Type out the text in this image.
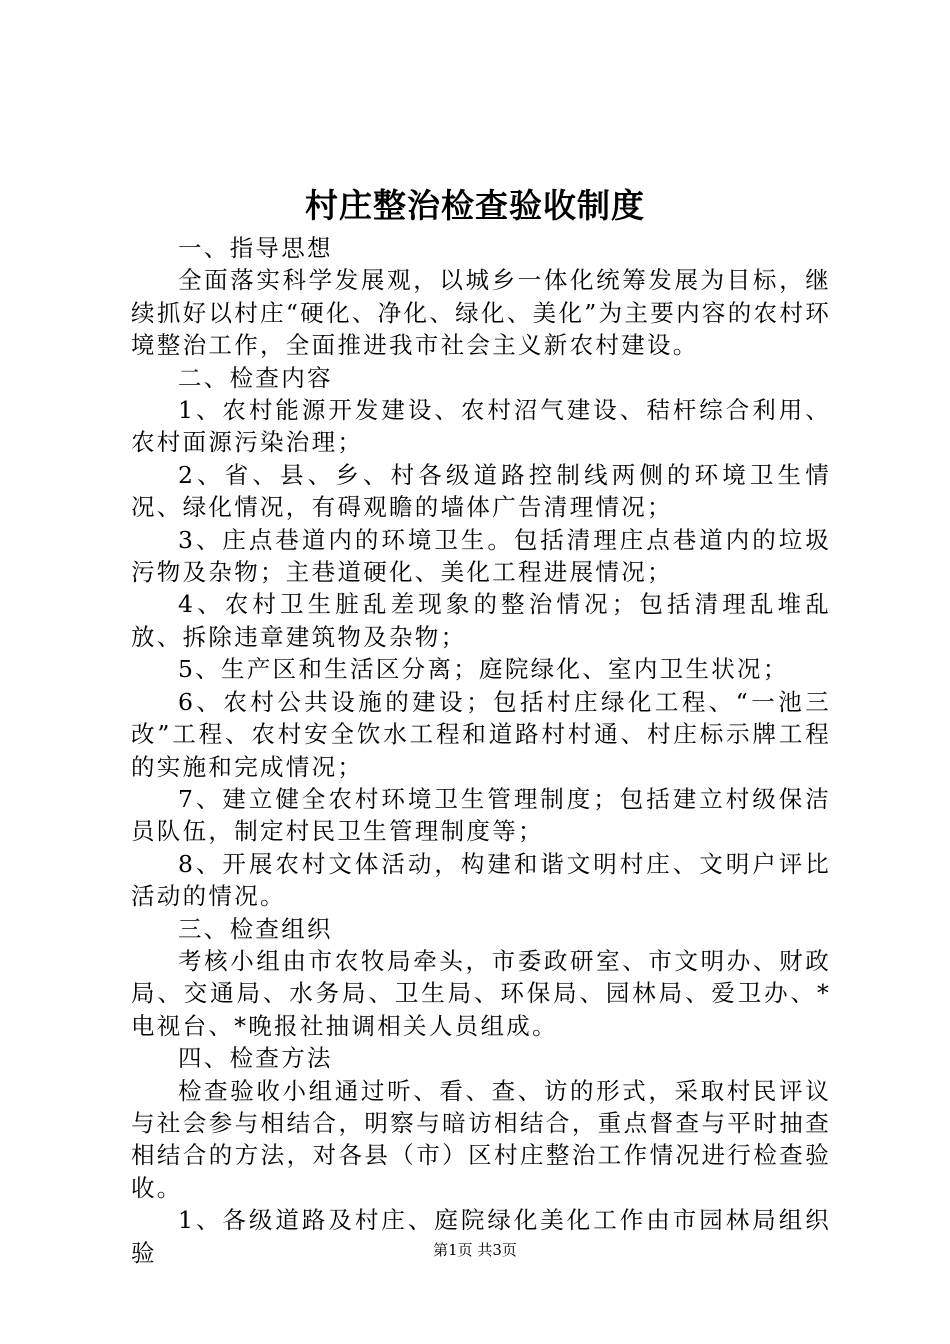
村庄整治检查验收制度

一、指导思想

全面落实科学发展观，以城乡一体化统筹发展为目标，继续抓好以村庄“硬化、净化、绿化、美化”为主要内容的农村环境整治工作，全面推进我市社会主义新农村建设。

二、检查内容

1、农村能源开发建设、农村沼气建设、秸杆综合利用、农村面源污染治理；

2、省、县、乡、村各级道路控制线两侧的环境卫生情况、绿化情况，有碍观瞻的墙体广告清理情况；

3、庄点巷道内的环境卫生。包括清理庄点巷道内的垃圾污物及杂物；主巷道硬化、美化工程进展情况；

4、农村卫生脏乱差现象的整治情况；包括清理乱堆乱放、拆除违章建筑物及杂物；

5、生产区和生活区分离；庭院绿化、室内卫生状况；

6、农村公共设施的建设；包括村庄绿化工程、“一池三改”工程、农村安全饮水工程和道路村村通、村庄标示牌工程的实施和完成情况；

7、建立健全农村环境卫生管理制度；包括建立村级保洁员队伍，制定村民卫生管理制度等；

8、开展农村文体活动，构建和谐文明村庄、文明户评比活动的情况。

三、检查组织

考核小组由市农牧局牵头，市委政研室、市文明办、财政局、交通局、水务局、卫生局、环保局、园林局、爱卫办、*电视台、*晚报社抽调相关人员组成。

四、检查方法

检查验收小组通过听、看、查、访的形式，采取村民评议与社会参与相结合，明察与暗访相结合，重点督查与平时抽查相结合的方法，对各县（市）区村庄整治工作情况进行检查验收。

1、各级道路及村庄、庭院绿化美化工作由市园林局组织验	第1页 共3页
